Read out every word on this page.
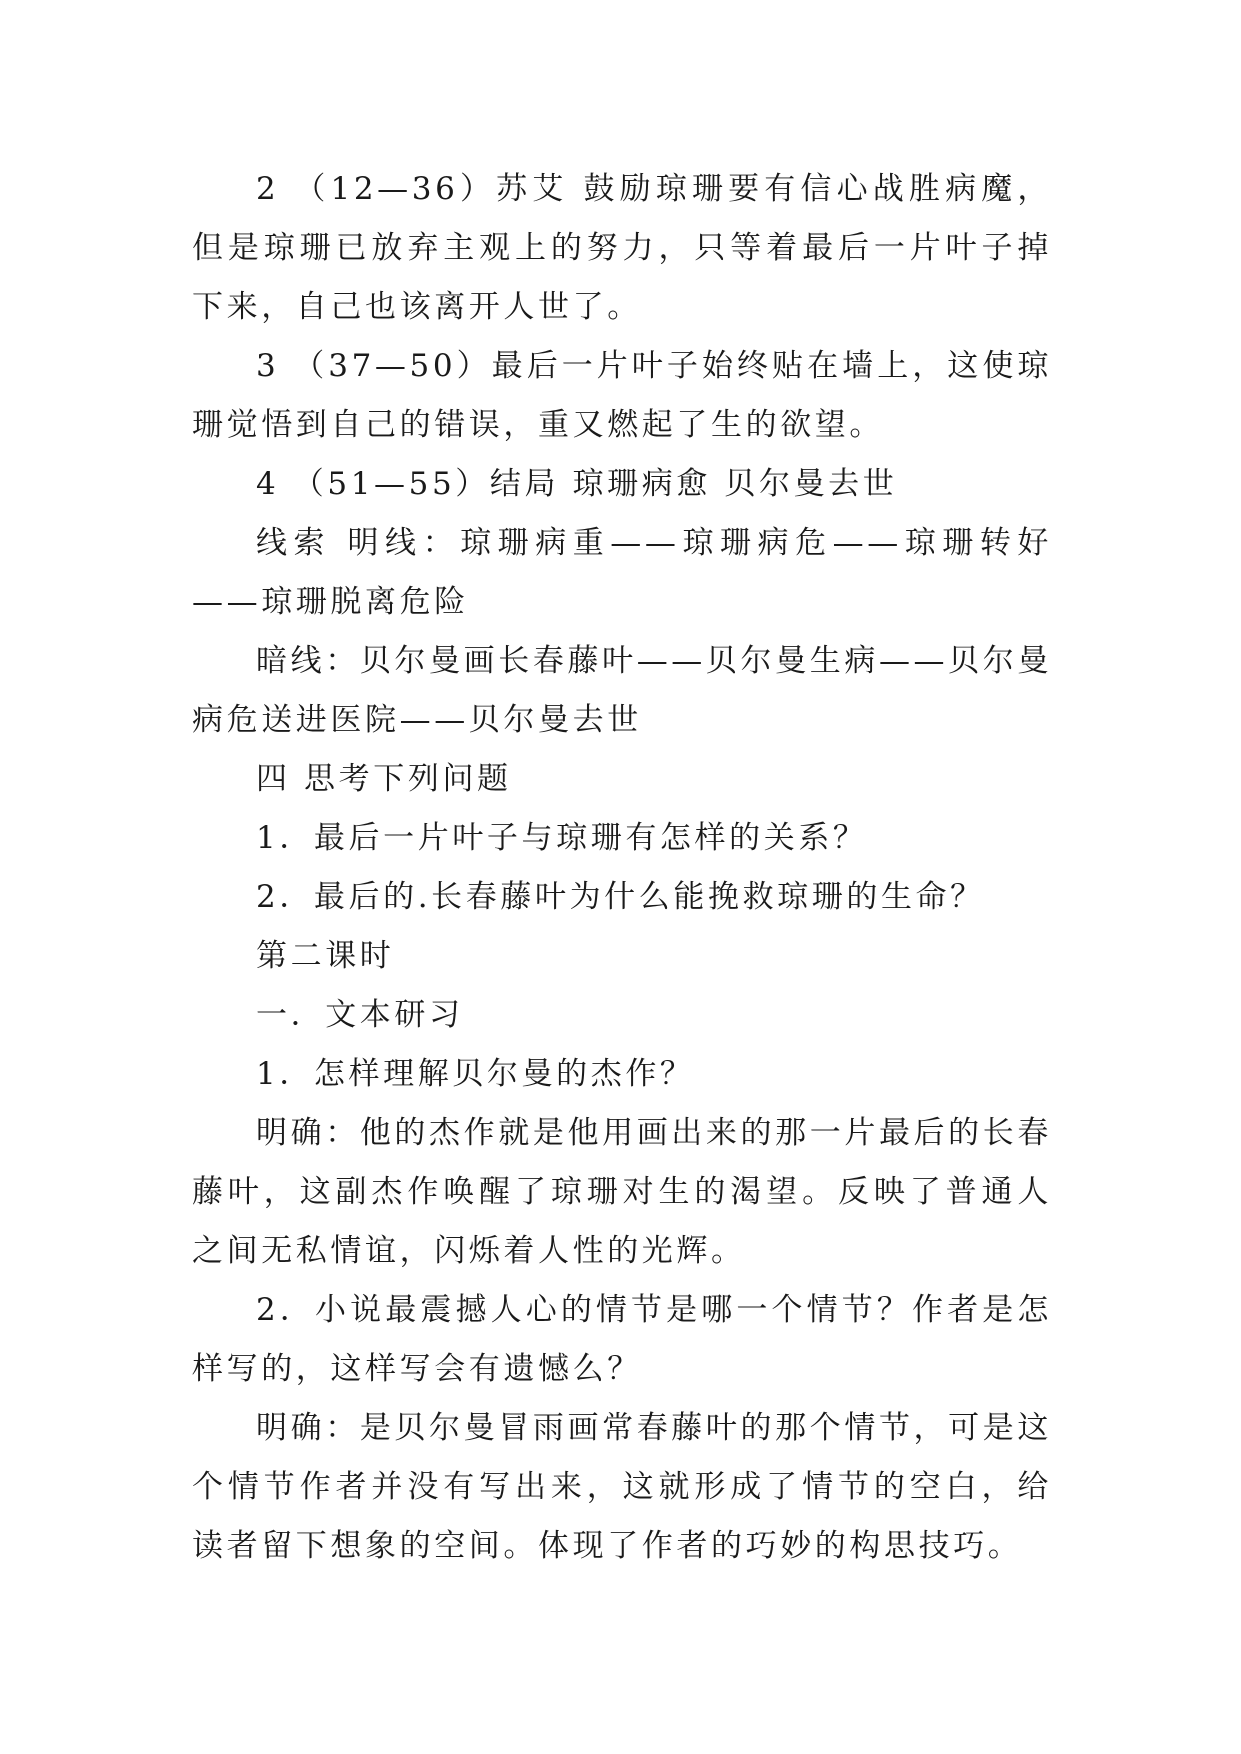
2 （12—36）苏艾 鼓励琼珊要有信心战胜病魔，但是琼珊已放弃主观上的努力，只等着最后一片叶子掉下来，自己也该离开人世了。

3 （37—50）最后一片叶子始终贴在墙上，这使琼珊觉悟到自己的错误，重又燃起了生的欲望。

4 （51—55）结局 琼珊病愈 贝尔曼去世

线索 明线：琼珊病重——琼珊病危——琼珊转好——琼珊脱离危险

暗线：贝尔曼画长春藤叶——贝尔曼生病——贝尔曼病危送进医院——贝尔曼去世

四 思考下列问题

1．最后一片叶子与琼珊有怎样的关系？

2．最后的.长春藤叶为什么能挽救琼珊的生命？

第二课时

一．文本研习

1．怎样理解贝尔曼的杰作？

明确：他的杰作就是他用画出来的那一片最后的长春藤叶，这副杰作唤醒了琼珊对生的渴望。反映了普通人之间无私情谊，闪烁着人性的光辉。

2．小说最震撼人心的情节是哪一个情节？作者是怎样写的，这样写会有遗憾么？

明确：是贝尔曼冒雨画常春藤叶的那个情节，可是这个情节作者并没有写出来，这就形成了情节的空白，给读者留下想象的空间。体现了作者的巧妙的构思技巧。
